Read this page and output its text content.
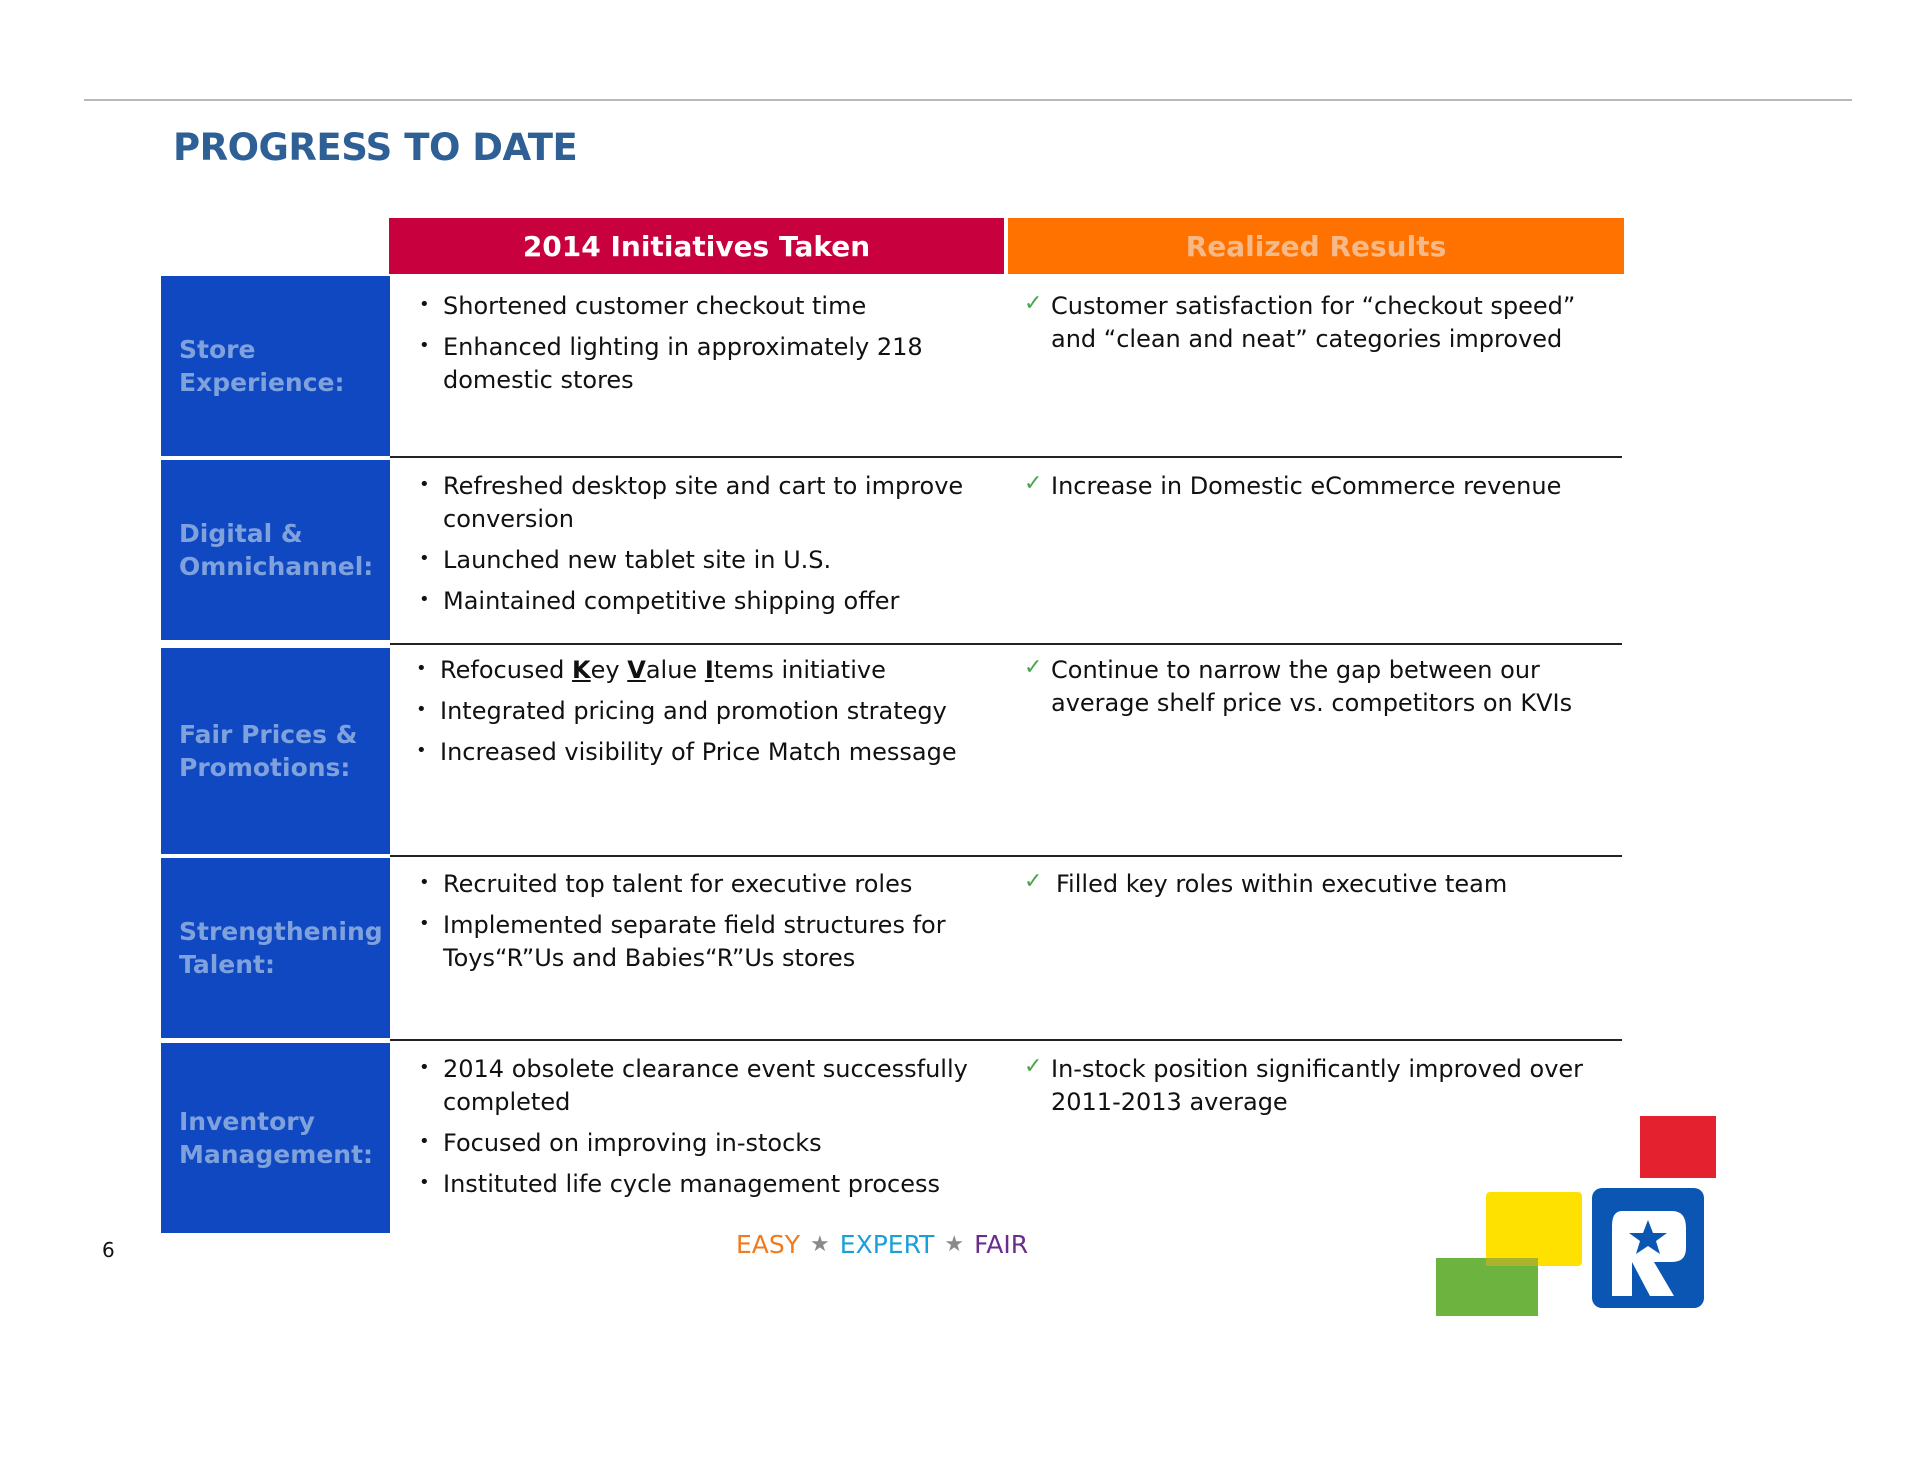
PROGRESS TO DATE
2014 Initiatives Taken	Realized Results
Store Experience:
Digital & Omnichannel:
Fair Prices & Promotions:
Strengthening Talent:
Inventory Management:
• Shortened customer checkout time
• Enhanced lighting in approximately 218 domestic stores
✓ Customer satisfaction for “checkout speed” and “clean and neat” categories improved
• Refreshed desktop site and cart to improve conversion
• Launched new tablet site in U.S.
• Maintained competitive shipping offer
✓ Increase in Domestic eCommerce revenue
• Refocused Key Value Items initiative
• Integrated pricing and promotion strategy
• Increased visibility of Price Match message
✓ Continue to narrow the gap between our average shelf price vs. competitors on KVIs
• Recruited top talent for executive roles
• Implemented separate field structures for Toys“R”Us and Babies“R”Us stores
✓ Filled key roles within executive team
• 2014 obsolete clearance event successfully completed
• Focused on improving in-stocks
• Instituted life cycle management process
✓ In-stock position significantly improved over 2011-2013 average
6	EASY ★ EXPERT ★ FAIR
